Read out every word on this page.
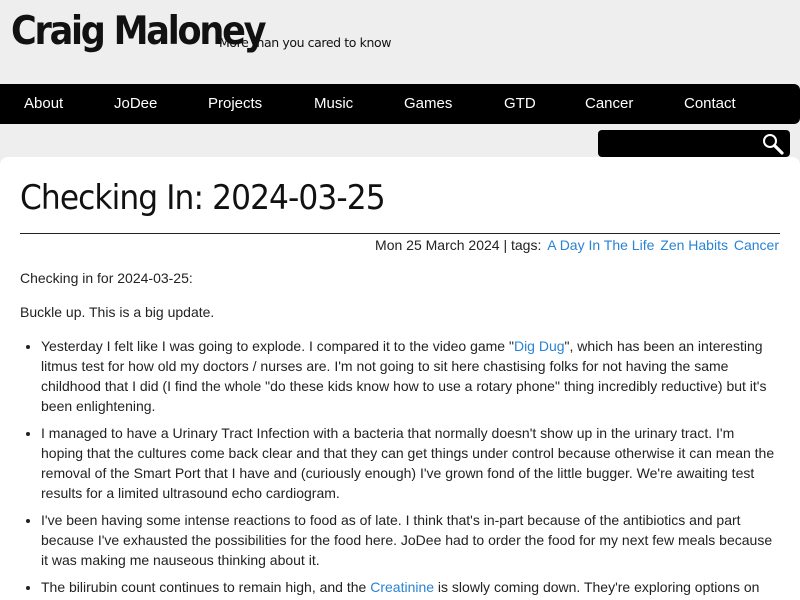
Craig Maloney
More than you cared to know
About	JoDee	Projects	Music	Games	GTD	Cancer	Contact
Checking In: 2024-03-25
Mon 25 March 2024 | tags: A Day In The Life Zen Habits Cancer

Checking in for 2024-03-25:

Buckle up. This is a big update.

• Yesterday I felt like I was going to explode. I compared it to the video game "Dig Dug", which has been an interesting litmus test for how old my doctors / nurses are. I'm not going to sit here chastising folks for not having the same childhood that I did (I find the whole "do these kids know how to use a rotary phone" thing incredibly reductive) but it's been enlightening.
• I managed to have a Urinary Tract Infection with a bacteria that normally doesn't show up in the urinary tract. I'm hoping that the cultures come back clear and that they can get things under control because otherwise it can mean the removal of the Smart Port that I have and (curiously enough) I've grown fond of the little bugger. We're awaiting test results for a limited ultrasound echo cardiogram.
• I've been having some intense reactions to food as of late. I think that's in-part because of the antibiotics and part because I've exhausted the possibilities for the food here. JoDee had to order the food for my next few meals because it was making me nauseous thinking about it.
• The bilirubin count continues to remain high, and the Creatinine is slowly coming down. They're exploring options on
